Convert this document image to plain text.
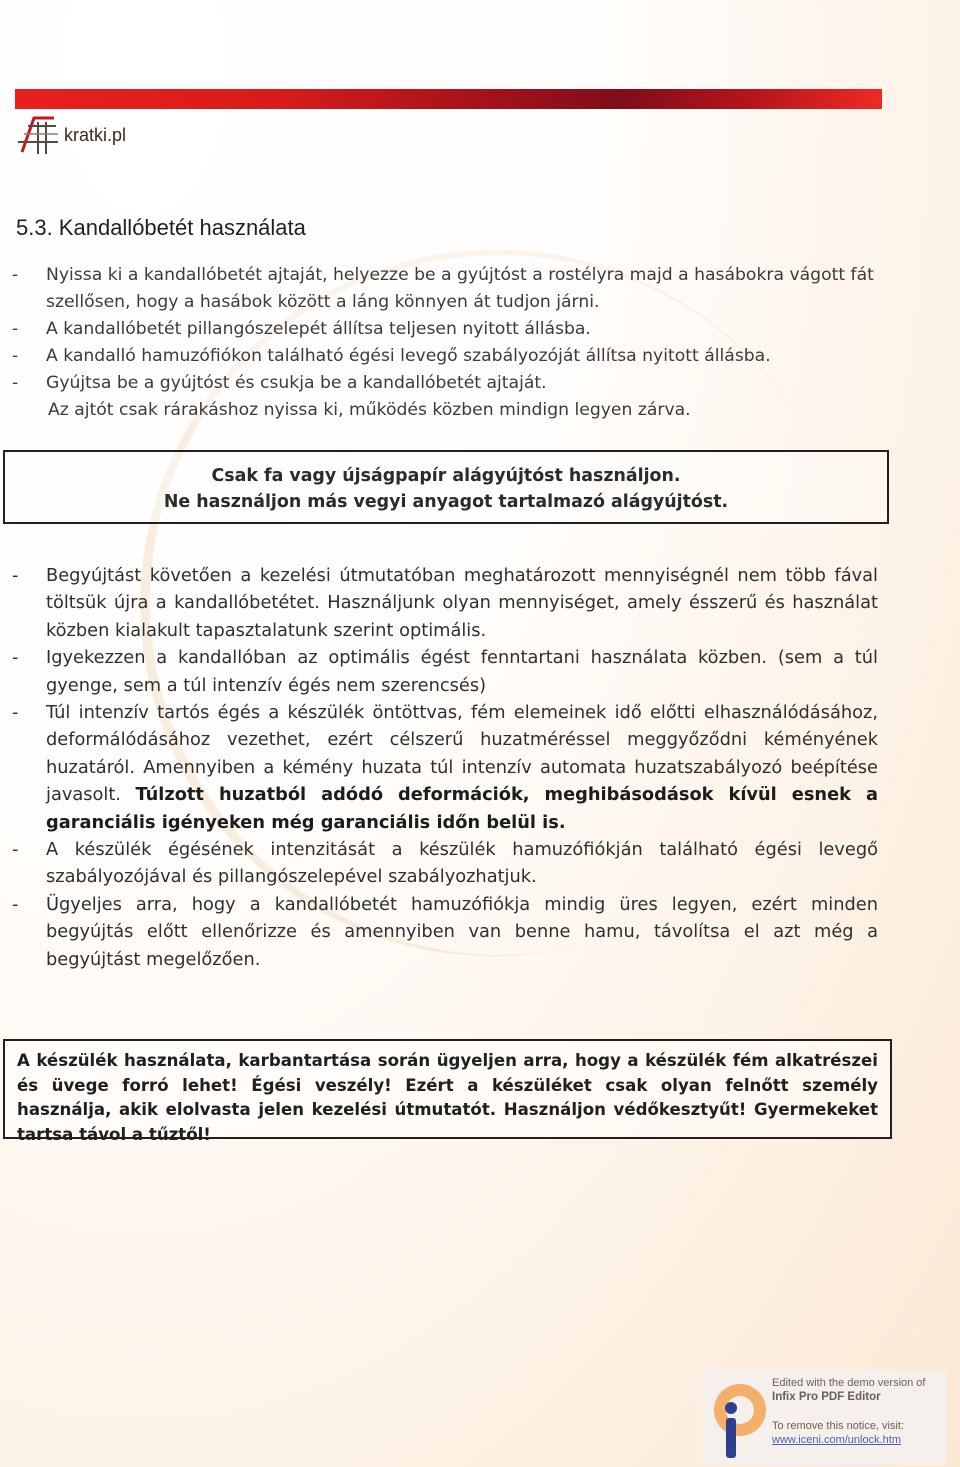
kratki.pl
5.3. Kandallóbetét használata
-	Nyissa ki a kandallóbetét ajtaját, helyezze be a gyújtóst a rostélyra majd a hasábokra vágott fát szellősen, hogy a hasábok között a láng könnyen át tudjon járni.
-	A kandallóbetét pillangószelepét állítsa teljesen nyitott állásba.
-	A kandalló hamuzófiókon található égési levegő szabályozóját állítsa nyitott állásba.
-	Gyújtsa be a gyújtóst és csukja be a kandallóbetét ajtaját.
Az ajtót csak rárakáshoz nyissa ki, működés közben mindign legyen zárva.
Csak fa vagy újságpapír alágyújtóst használjon.
Ne használjon más vegyi anyagot tartalmazó alágyújtóst.
-	Begyújtást követően a kezelési útmutatóban meghatározott mennyiségnél nem több fával töltsük újra a kandallóbetétet. Használjunk olyan mennyiséget, amely ésszerű és használat közben kialakult tapasztalatunk szerint optimális.
-	Igyekezzen a kandallóban az optimális égést fenntartani használata közben. (sem a túl gyenge, sem a túl intenzív égés nem szerencsés)
-	Túl intenzív tartós égés a készülék öntöttvas, fém elemeinek idő előtti elhasználódásához, deformálódásához vezethet, ezért célszerű huzatméréssel meggyőződni kéményének huzatáról. Amennyiben a kémény huzata túl intenzív automata huzatszabályozó beépítése javasolt. Túlzott huzatból adódó deformációk, meghibásodások kívül esnek a garanciális igényeken még garanciális időn belül is.
-	A készülék égésének intenzitását a készülék hamuzófiókján található égési levegő szabályozójával és pillangószelepével szabályozhatjuk.
-	Ügyeljes arra, hogy a kandallóbetét hamuzófiókja mindig üres legyen, ezért minden begyújtás előtt ellenőrizze és amennyiben van benne hamu, távolítsa el azt még a begyújtást megelőzően.
A készülék használata, karbantartása során ügyeljen arra, hogy a készülék fém alkatrészei és üvege forró lehet! Égési veszély! Ezért a készüléket csak olyan felnőtt személy használja, akik elolvasta jelen kezelési útmutatót. Használjon védőkesztyűt! Gyermekeket tartsa távol a tűztől!
Edited with the demo version of
Infix Pro PDF Editor
To remove this notice, visit:
www.iceni.com/unlock.htm
